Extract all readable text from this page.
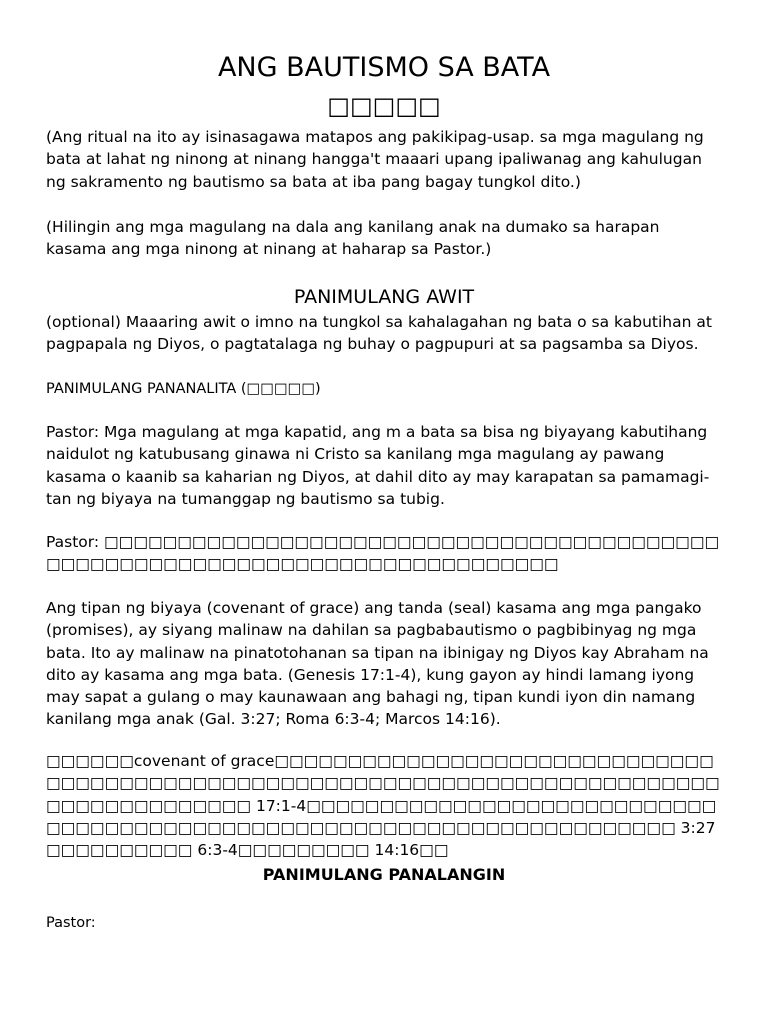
ANG BAUTISMO SA BATA
□□□□□

(Ang ritual na ito ay isinasagawa matapos ang pakikipag-usap. sa mga magulang ng bata at lahat ng ninong at ninang hangga't maaari upang ipaliwanag ang kahulugan ng sakramento ng bautismo sa bata at iba pang bagay tungkol dito.)

(Hilingin ang mga magulang na dala ang kanilang anak na dumako sa harapan kasama ang mga ninong at ninang at haharap sa Pastor.)

PANIMULANG AWIT

(optional) Maaaring awit o imno na tungkol sa kahalagahan ng bata o sa kabutihan at pagpapala ng Diyos, o pagtatalaga ng buhay o pagpupuri at sa pagsamba sa Diyos.

PANIMULANG PANANALITA (□□□□□)

Pastor: Mga magulang at mga kapatid, ang m a bata sa bisa ng biyayang kabutihang naidulot ng katubusang ginawa ni Cristo sa kanilang mga magulang ay pawang kasama o kaanib sa kaharian ng Diyos, at dahil dito ay may karapatan sa pamamagi- tan ng biyaya na tumanggap ng bautismo sa tubig.

Pastor: □□□□□□□□□□□□□□□□□□□□□□□□□□□□□□□□□□□□□□□□□□□□□□□□□□□□□□□□□□□□□□□□□□□□□□□□□□□□□

Ang tipan ng biyaya (covenant of grace) ang tanda (seal) kasama ang mga pangako (promises), ay siyang malinaw na dahilan sa pagbabautismo o pagbibinyag ng mga bata. Ito ay malinaw na pinatotohanan sa tipan na ibinigay ng Diyos kay Abraham na dito ay kasama ang mga bata. (Genesis 17:1-4), kung gayon ay hindi lamang iyong may sapat a gulang o may kaunawaan ang bahagi ng, tipan kundi iyon din namang kanilang mga anak (Gal. 3:27; Roma 6:3-4; Marcos 14:16).

□□□□□□covenant of grace□□□□□□□□□□□□□□□□□□□□□□□□□□□□□□□□□□□□□□□□□□□□□□□□□□□□□□□□□□□□□□□□□□□□□□□□□□□□□□□□□□□□□□□□□□ 17:1-4□□□□□□□□□□□□□□□□□□□□□□□□□□□□□□□□□□□□□□□□□□□□□□□□□□□□□□□□□□□□□□□□□□□□□□□ 3:27□□□□□□□□□□ 6:3-4□□□□□□□□□ 14:16□□

PANIMULANG PANALANGIN
Pastor:
